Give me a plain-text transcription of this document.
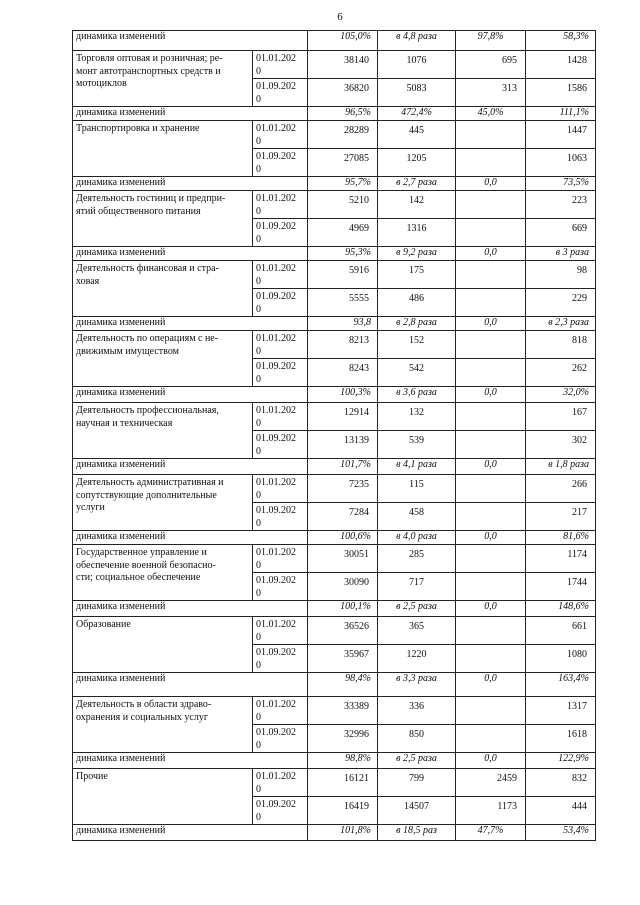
6
динамика изменений		105,0%	в 4,8 раза	97,8%	58,3%
Торговля оптовая и розничная; ре-
монт автотранспортных средств и
мотоциклов	01.01.202
0	38140	1076	695	1428
	01.09.202
0	36820	5083	313	1586
динамика изменений		96,5%	472,4%	45,0%	111,1%
Транспортировка и хранение	01.01.202
0	28289	445		1447
	01.09.202
0	27085	1205		1063
динамика изменений		95,7%	в 2,7 раза	0,0	73,5%
Деятельность гостиниц и предпри-
ятий общественного питания	01.01.202
0	5210	142		223
	01.09.202
0	4969	1316		669
динамика изменений		95,3%	в 9,2 раза	0,0	в 3 раза
Деятельность финансовая и стра-
ховая	01.01.202
0	5916	175		98
	01.09.202
0	5555	486		229
динамика изменений		93,8	в 2,8 раза	0,0	в 2,3 раза
Деятельность по операциям с не-
движимым имуществом	01.01.202
0	8213	152		818
	01.09.202
0	8243	542		262
динамика изменений		100,3%	в 3,6 раза	0,0	32,0%
Деятельность профессиональная,
научная и техническая	01.01.202
0	12914	132		167
	01.09.202
0	13139	539		302
динамика изменений		101,7%	в 4,1 раза	0,0	в 1,8 раза
Деятельность административная и
сопутствующие дополнительные
услуги	01.01.202
0	7235	115		266
	01.09.202
0	7284	458		217
динамика изменений		100,6%	в 4,0 раза	0,0	81,6%
Государственное управление и
обеспечение военной безопасно-
сти; социальное обеспечение	01.01.202
0	30051	285		1174
	01.09.202
0	30090	717		1744
динамика изменений		100,1%	в 2,5 раза	0,0	148,6%
Образование	01.01.202
0	36526	365		661
	01.09.202
0	35967	1220		1080
динамика изменений		98,4%	в 3,3 раза	0,0	163,4%
Деятельность в области здраво-
охранения и социальных услуг	01.01.202
0	33389	336		1317
	01.09.202
0	32996	850		1618
динамика изменений		98,8%	в 2,5 раза	0,0	122,9%
Прочие	01.01.202
0	16121	799	2459	832
	01.09.202
0	16419	14507	1173	444
динамика изменений		101,8%	в 18,5 раз	47,7%	53,4%
